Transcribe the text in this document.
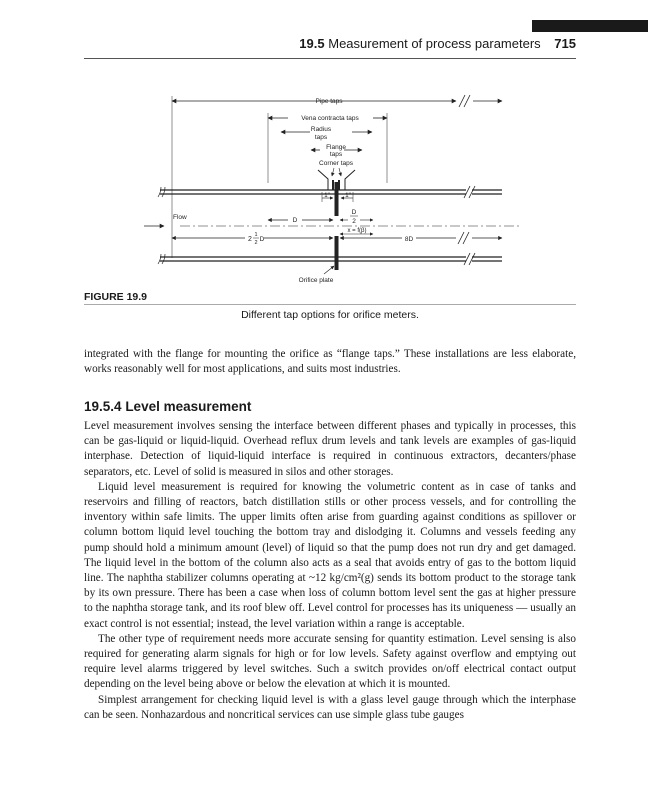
19.5 Measurement of process parameters 715
Pipe taps
Vena contracta taps
Radius
taps
Flange
taps
Corner taps
1"	1"
Flow	D
D
2
x = f(β)
2
1
2 D	8D
Orifice plate
FIGURE 19.9
Different tap options for orifice meters.

integrated with the flange for mounting the orifice as “flange taps.” These installations are less elaborate, works reasonably well for most applications, and suits most industries.

19.5.4 Level measurement

Level measurement involves sensing the interface between different phases and typically in processes, this can be gas-liquid or liquid-liquid. Overhead reflux drum levels and tank levels are examples of gas-liquid interphase. Detection of liquid-liquid interface is required in continuous extractors, decanters/phase separators, etc. Level of solid is measured in silos and other storages.

Liquid level measurement is required for knowing the volumetric content as in case of tanks and reservoirs and filling of reactors, batch distillation stills or other process vessels, and for controlling the inventory within safe limits. The upper limits often arise from guarding against conditions as spillover or column bottom liquid level touching the bottom tray and dislodging it. Columns and vessels feeding any pump should hold a minimum amount (level) of liquid so that the pump does not run dry and get damaged. The liquid level in the bottom of the column also acts as a seal that avoids entry of gas to the bottom liquid line. The naphtha stabilizer columns operating at ~12 kg/cm²(g) sends its bottom product to the storage tank by its own pressure. There has been a case when loss of column bottom level sent the gas at higher pressure to the naphtha storage tank, and its roof blew off. Level control for processes has its uniqueness — usually an exact control is not essential; instead, the level variation within a range is acceptable.

The other type of requirement needs more accurate sensing for quantity estimation. Level sensing is also required for generating alarm signals for high or for low levels. Safety against overflow and emptying out require level alarms triggered by level switches. Such a switch provides on/off electrical contact output depending on the level being above or below the elevation at which it is mounted.

Simplest arrangement for checking liquid level is with a glass level gauge through which the interphase can be seen. Nonhazardous and noncritical services can use simple glass tube gauges
